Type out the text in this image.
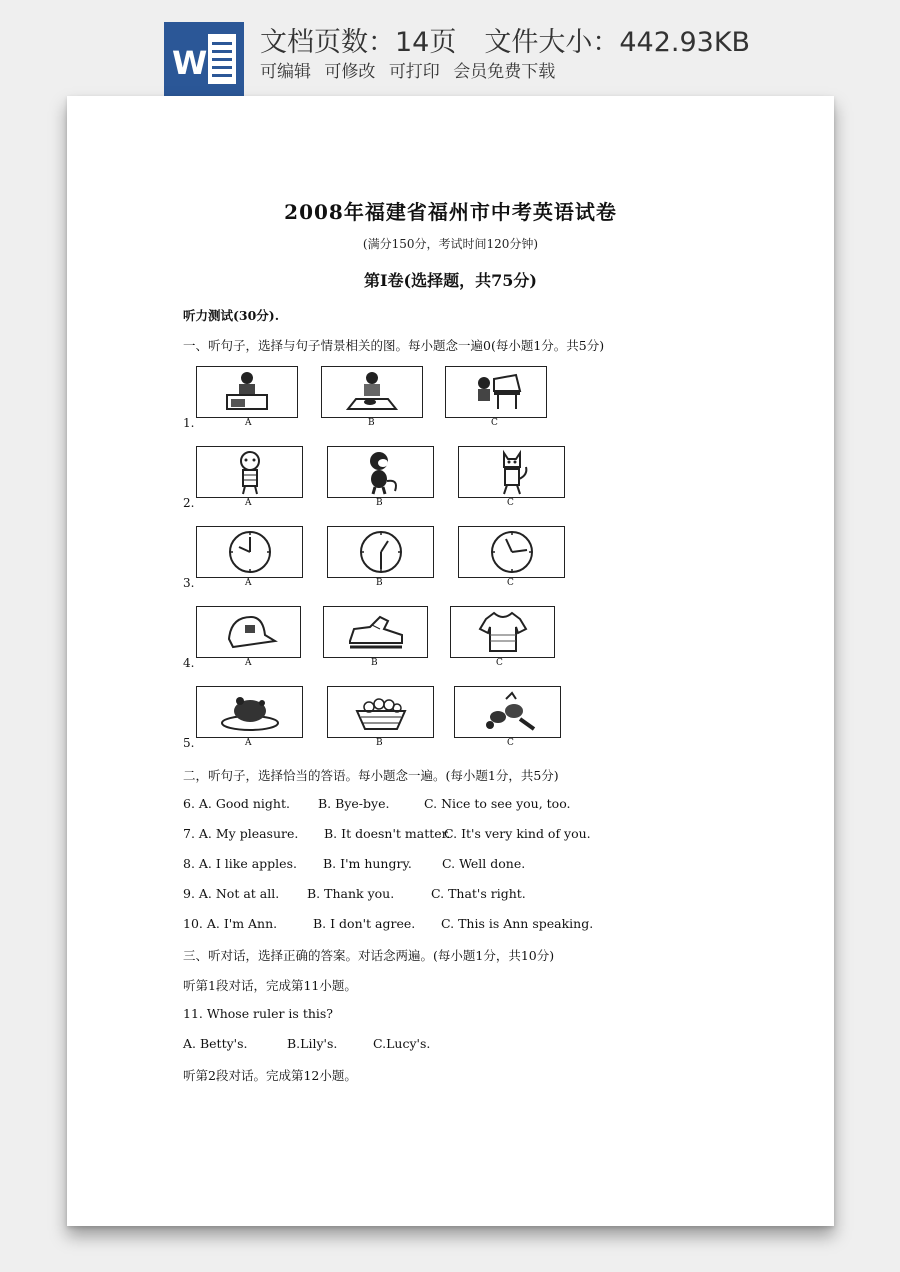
W
文档页数：14页 文件大小：442.93KB
可编辑 可修改 可打印 会员免费下载
2008年福建省福州市中考英语试卷
(满分150分，考试时间120分钟)
第Ⅰ卷(选择题，共75分)
听力测试(30分).
一、听句子，选择与句子情景相关的图。每小题念一遍0(每小题1分。共5分)
1.	A	B	C
2.	A	B	C
3.	A	B	C
4.	A	B	C
5.	A	B	C
二，听句子，选择恰当的答语。每小题念一遍。(每小题1分，共5分)
6. A. Good night. B. Bye-bye.	C. Nice to see you, too.
7. A. My pleasure. B. It doesn't matter.
C. It's very kind of you.
8. A. I like apples. B. I'm hungry. C. Well done.
9. A. Not at all. B. Thank you.	C. That's right.
10. A. I'm Ann.	B. I don't agree. C. This is Ann speaking.
三、听对话，选择正确的答案。对话念两遍。(每小题1分，共10分)
听第1段对话，完成第11小题。
11. Whose ruler is this?
A. Betty's.	B.Lily's.	C.Lucy's.
听第2段对话。完成第12小题。
